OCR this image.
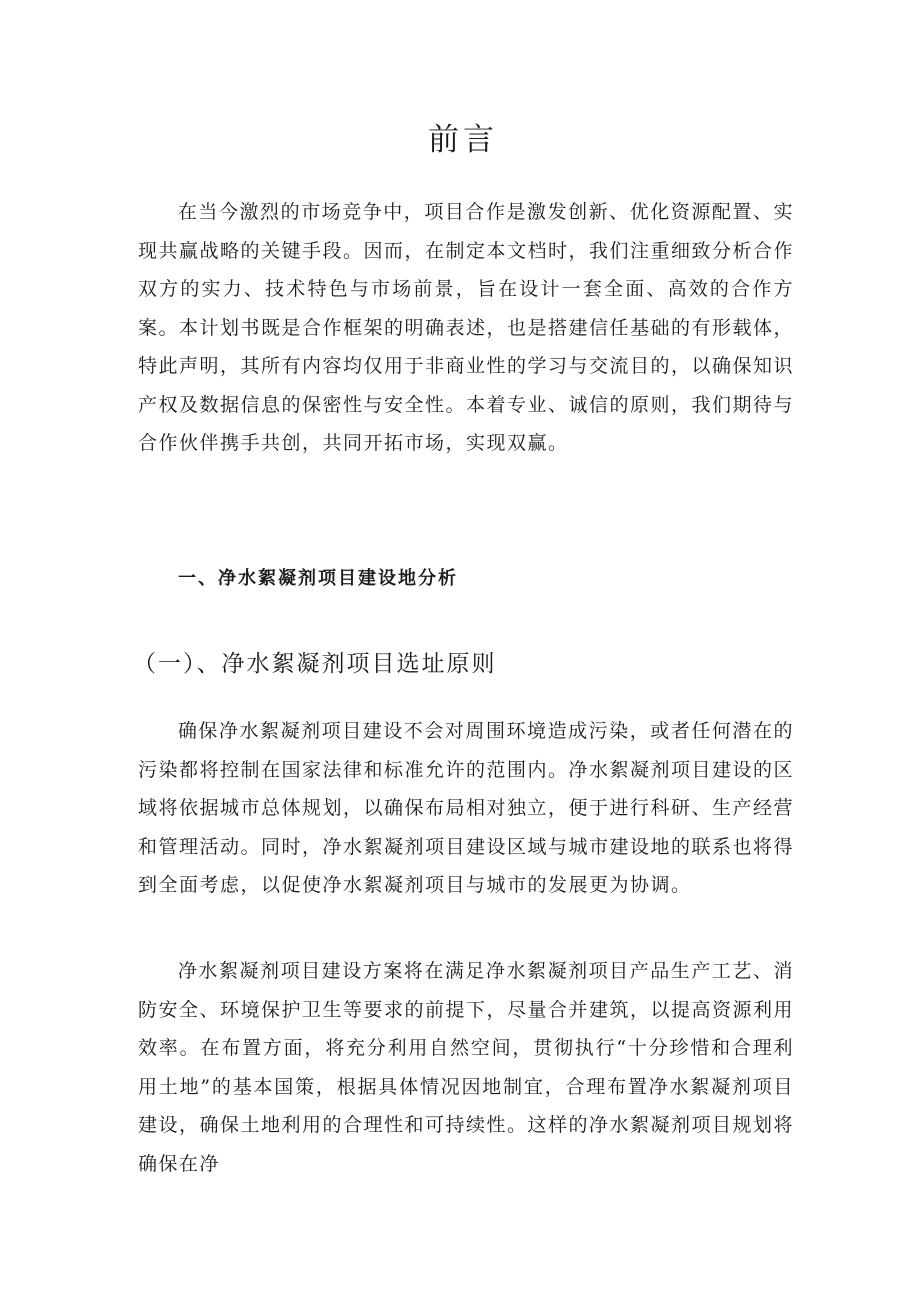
前言

在当今激烈的市场竞争中，项目合作是激发创新、优化资源配置、实现共赢战略的关键手段。因而，在制定本文档时，我们注重细致分析合作双方的实力、技术特色与市场前景，旨在设计一套全面、高效的合作方案。本计划书既是合作框架的明确表述，也是搭建信任基础的有形载体，特此声明，其所有内容均仅用于非商业性的学习与交流目的，以确保知识产权及数据信息的保密性与安全性。本着专业、诚信的原则，我们期待与合作伙伴携手共创，共同开拓市场，实现双赢。

一、净水絮凝剂项目建设地分析
（一）、净水絮凝剂项目选址原则

确保净水絮凝剂项目建设不会对周围环境造成污染，或者任何潜在的污染都将控制在国家法律和标准允许的范围内。净水絮凝剂项目建设的区域将依据城市总体规划，以确保布局相对独立，便于进行科研、生产经营和管理活动。同时，净水絮凝剂项目建设区域与城市建设地的联系也将得到全面考虑，以促使净水絮凝剂项目与城市的发展更为协调。

净水絮凝剂项目建设方案将在满足净水絮凝剂项目产品生产工艺、消防安全、环境保护卫生等要求的前提下，尽量合并建筑，以提高资源利用效率。在布置方面，将充分利用自然空间，贯彻执行“十分珍惜和合理利用土地”的基本国策，根据具体情况因地制宜，合理布置净水絮凝剂项目建设，确保土地利用的合理性和可持续性。这样的净水絮凝剂项目规划将确保在净
